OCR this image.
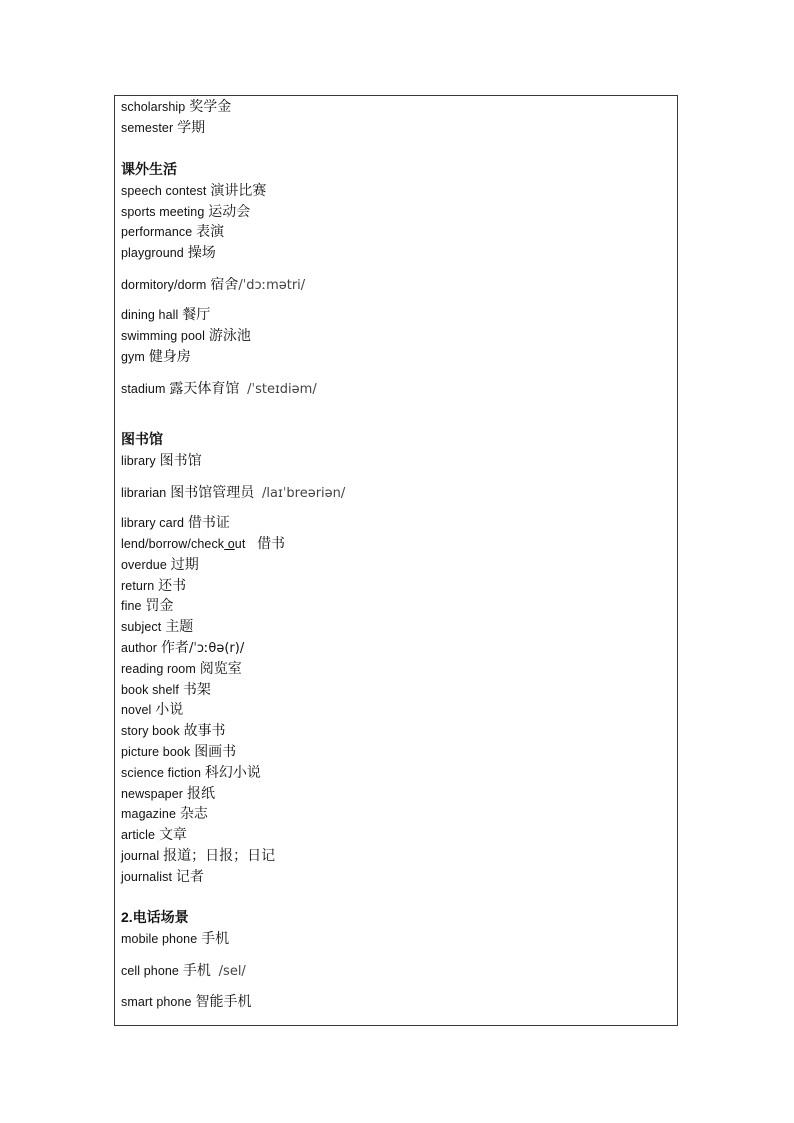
scholarship 奖学金
semester 学期
课外生活
speech contest 演讲比赛
sports meeting 运动会
performance 表演
playground 操场
dormitory/dorm 宿舍/ˈdɔːmətri/
dining hall 餐厅
swimming pool 游泳池
gym 健身房
stadium 露天体育馆 /ˈsteɪdiəm/
图书馆
library 图书馆
librarian 图书馆管理员 /laɪˈbreəriən/
library card 借书证
lend/borrow/check out 借书
overdue 过期
return 还书
fine 罚金
subject 主题
author 作者/ˈɔːθə(r)/
reading room 阅览室
book shelf 书架
novel 小说
story book 故事书
picture book 图画书
science fiction 科幻小说
newspaper 报纸
magazine 杂志
article 文章
journal 报道；日报；日记
journalist 记者
2.电话场景
mobile phone 手机
cell phone 手机 /sel/
smart phone 智能手机
